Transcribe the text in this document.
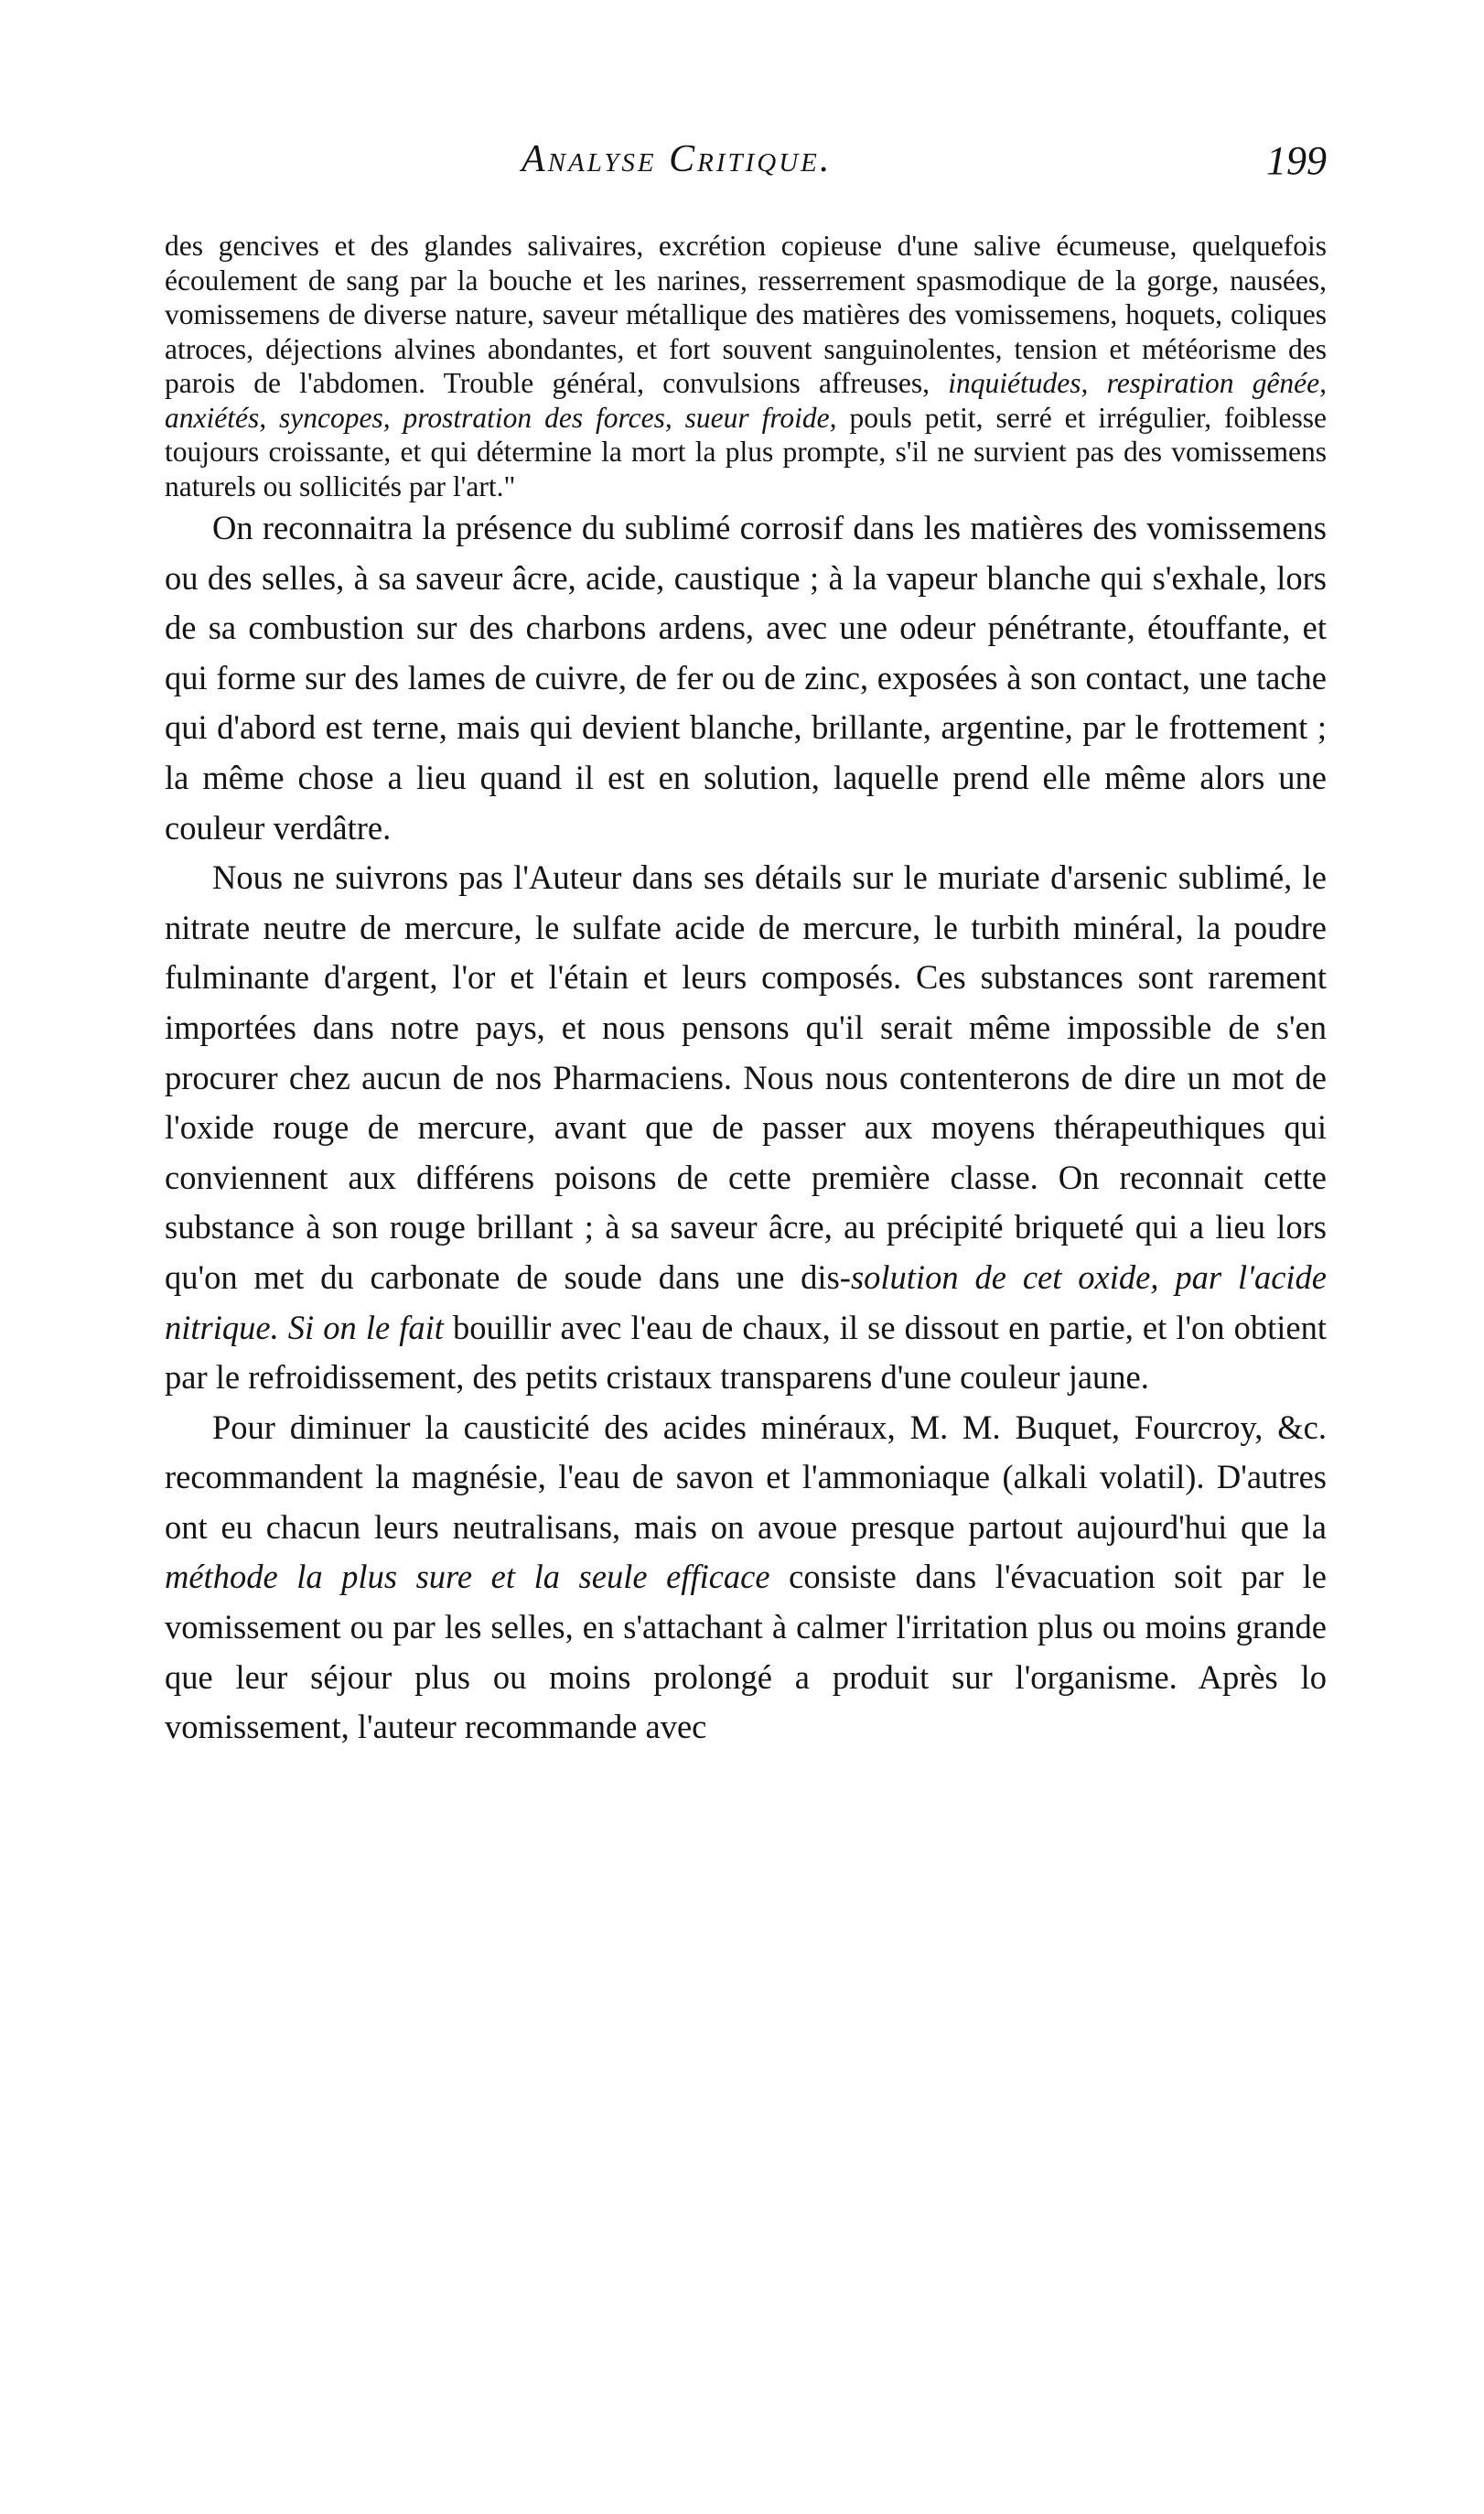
Analyse Critique.	199

des gencives et des glandes salivaires, excrétion copieuse d'une salive écumeuse, quelquefois écoulement de sang par la bouche et les narines, resserrement spasmodique de la gorge, nausées, vomissemens de diverse nature, saveur métallique des matières des vomissemens, hoquets, coliques atroces, déjections alvines abondantes, et fort souvent sanguinolentes, tension et météorisme des parois de l'abdomen. Trouble général, convulsions affreuses, inquiétudes, respiration gênée, anxiétés, syncopes, prostration des forces, sueur froide, pouls petit, serré et irrégulier, foiblesse toujours croissante, et qui détermine la mort la plus prompte, s'il ne survient pas des vomissemens naturels ou sollicités par l'art."

On reconnaitra la présence du sublimé corrosif dans les matières des vomissemens ou des selles, à sa saveur âcre, acide, caustique ; à la vapeur blanche qui s'exhale, lors de sa combustion sur des charbons ardens, avec une odeur pénétrante, étouffante, et qui forme sur des lames de cuivre, de fer ou de zinc, exposées à son contact, une tache qui d'abord est terne, mais qui devient blanche, brillante, argentine, par le frottement ; la même chose a lieu quand il est en solution, laquelle prend elle même alors une couleur verdâtre.

Nous ne suivrons pas l'Auteur dans ses détails sur le muriate d'arsenic sublimé, le nitrate neutre de mercure, le sulfate acide de mercure, le turbith minéral, la poudre fulminante d'argent, l'or et l'étain et leurs composés. Ces substances sont rarement importées dans notre pays, et nous pensons qu'il serait même impossible de s'en procurer chez aucun de nos Pharmaciens. Nous nous contenterons de dire un mot de l'oxide rouge de mercure, avant que de passer aux moyens thérapeuthiques qui conviennent aux différens poisons de cette première classe. On reconnait cette substance à son rouge brillant ; à sa saveur âcre, au précipité briqueté qui a lieu lors qu'on met du carbonate de soude dans une dis-solution de cet oxide, par l'acide nitrique. Si on le fait bouillir avec l'eau de chaux, il se dissout en partie, et l'on obtient par le refroidissement, des petits cristaux transparens d'une couleur jaune.

Pour diminuer la causticité des acides minéraux, M. M. Buquet, Fourcroy, &c. recommandent la magnésie, l'eau de savon et l'ammoniaque (alkali volatil). D'autres ont eu chacun leurs neutralisans, mais on avoue presque partout aujourd'hui que la méthode la plus sure et la seule efficace consiste dans l'évacuation soit par le vomissement ou par les selles, en s'attachant à calmer l'irritation plus ou moins grande que leur séjour plus ou moins prolongé a produit sur l'organisme. Après lo vomissement, l'auteur recommande avec
